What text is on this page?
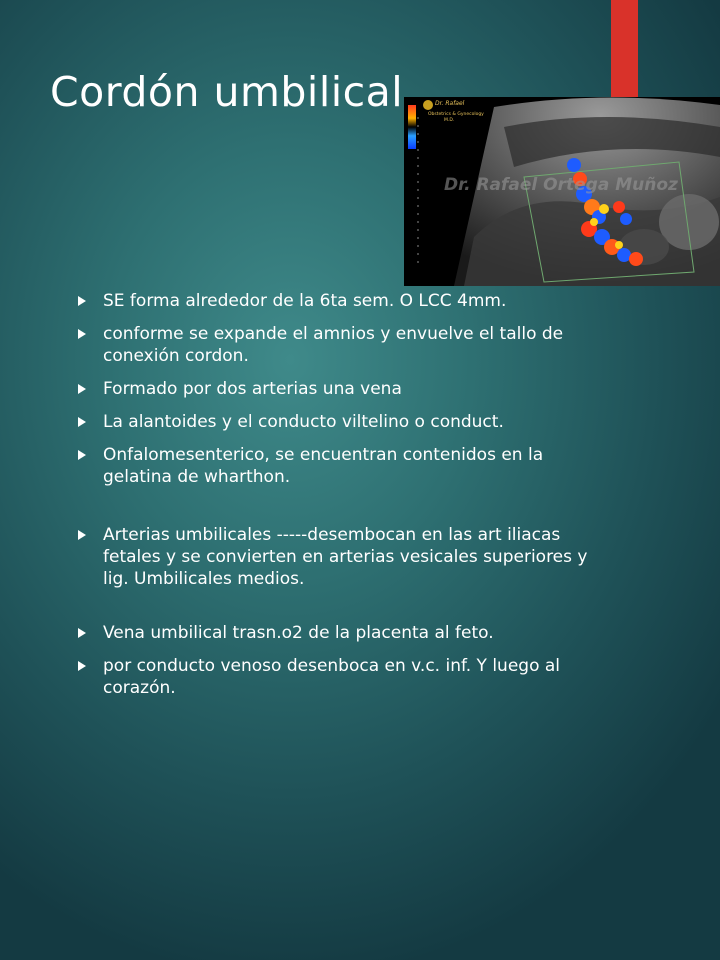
Cordón umbilical	Dr. Rafael
Obstetrics & Gynecology
M.D.
Dr. Rafael Ortega Muñoz
SE forma alrededor de la 6ta sem. O LCC 4mm.
conforme se expande el amnios y envuelve el tallo de conexión cordon.
Formado por dos arterias una vena
La alantoides y el conducto viltelino o conduct.
Onfalomesenterico, se encuentran contenidos en la gelatina de wharthon.
Arterias umbilicales -----desembocan en las art iliacas fetales y se convierten en arterias vesicales superiores y lig. Umbilicales medios.
Vena umbilical trasn.o2 de la placenta al feto.
por conducto venoso desenboca en v.c. inf. Y luego al corazón.
